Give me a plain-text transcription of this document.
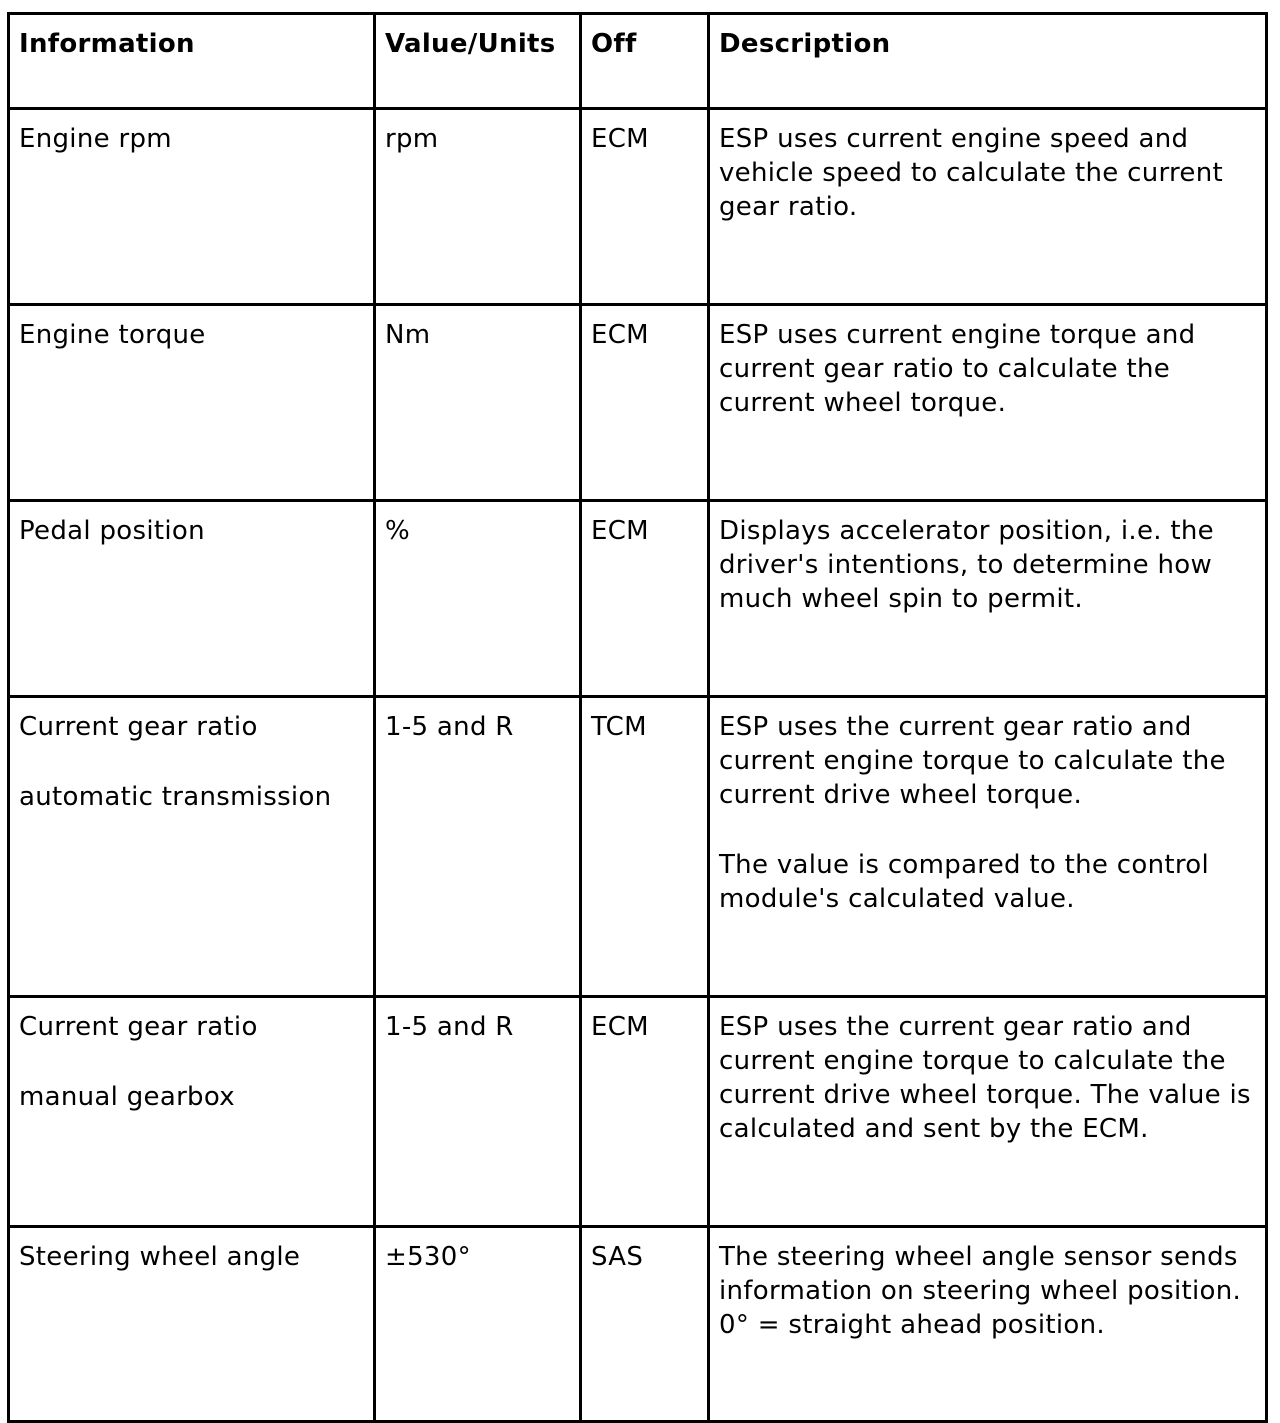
Information	Value/Units	Off	Description

Engine rpm	rpm	ECM	ESP uses current engine speed and vehicle speed to calculate the current gear ratio.

Engine torque	Nm	ECM	ESP uses current engine torque and current gear ratio to calculate the current wheel torque.

Pedal position	%	ECM	Displays accelerator position, i.e. the driver's intentions, to determine how much wheel spin to permit.

Current gear ratio
automatic transmission	1-5 and R	TCM	ESP uses the current gear ratio and current engine torque to calculate the current drive wheel torque.
The value is compared to the control module's calculated value.

Current gear ratio
manual gearbox	1-5 and R	ECM	ESP uses the current gear ratio and current engine torque to calculate the current drive wheel torque. The value is calculated and sent by the ECM.

Steering wheel angle	±530°	SAS	The steering wheel angle sensor sends information on steering wheel position. 0° = straight ahead position.
